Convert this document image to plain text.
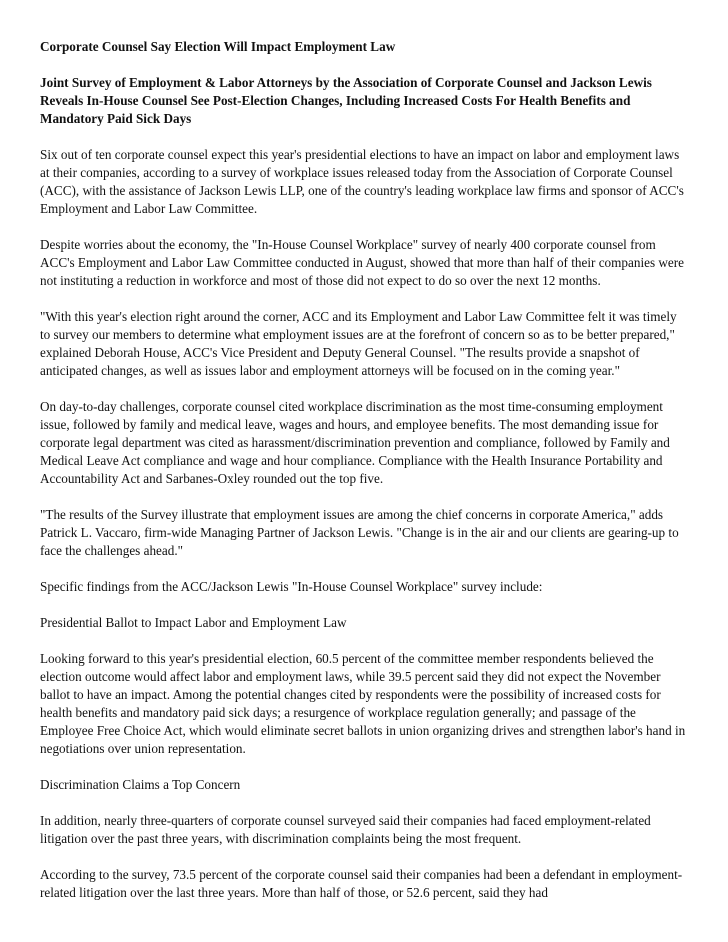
Corporate Counsel Say Election Will Impact Employment Law
Joint Survey of Employment & Labor Attorneys by the Association of Corporate Counsel and Jackson Lewis Reveals In-House Counsel See Post-Election Changes, Including Increased Costs For Health Benefits and Mandatory Paid Sick Days
Six out of ten corporate counsel expect this year's presidential elections to have an impact on labor and employment laws at their companies, according to a survey of workplace issues released today from the Association of Corporate Counsel (ACC), with the assistance of Jackson Lewis LLP, one of the country's leading workplace law firms and sponsor of ACC's Employment and Labor Law Committee.
Despite worries about the economy, the "In-House Counsel Workplace" survey of nearly 400 corporate counsel from ACC's Employment and Labor Law Committee conducted in August, showed that more than half of their companies were not instituting a reduction in workforce and most of those did not expect to do so over the next 12 months.
"With this year's election right around the corner, ACC and its Employment and Labor Law Committee felt it was timely to survey our members to determine what employment issues are at the forefront of concern so as to be better prepared," explained Deborah House, ACC's Vice President and Deputy General Counsel. "The results provide a snapshot of anticipated changes, as well as issues labor and employment attorneys will be focused on in the coming year."
On day-to-day challenges, corporate counsel cited workplace discrimination as the most time-consuming employment issue, followed by family and medical leave, wages and hours, and employee benefits. The most demanding issue for corporate legal department was cited as harassment/discrimination prevention and compliance, followed by Family and Medical Leave Act compliance and wage and hour compliance. Compliance with the Health Insurance Portability and Accountability Act and Sarbanes-Oxley rounded out the top five.
"The results of the Survey illustrate that employment issues are among the chief concerns in corporate America," adds Patrick L. Vaccaro, firm-wide Managing Partner of Jackson Lewis. "Change is in the air and our clients are gearing-up to face the challenges ahead."
Specific findings from the ACC/Jackson Lewis "In-House Counsel Workplace" survey include:
Presidential Ballot to Impact Labor and Employment Law
Looking forward to this year's presidential election, 60.5 percent of the committee member respondents believed the election outcome would affect labor and employment laws, while 39.5 percent said they did not expect the November ballot to have an impact. Among the potential changes cited by respondents were the possibility of increased costs for health benefits and mandatory paid sick days; a resurgence of workplace regulation generally; and passage of the Employee Free Choice Act, which would eliminate secret ballots in union organizing drives and strengthen labor's hand in negotiations over union representation.
Discrimination Claims a Top Concern
In addition, nearly three-quarters of corporate counsel surveyed said their companies had faced employment-related litigation over the past three years, with discrimination complaints being the most frequent.
According to the survey, 73.5 percent of the corporate counsel said their companies had been a defendant in employment-related litigation over the last three years. More than half of those, or 52.6 percent, said they had
